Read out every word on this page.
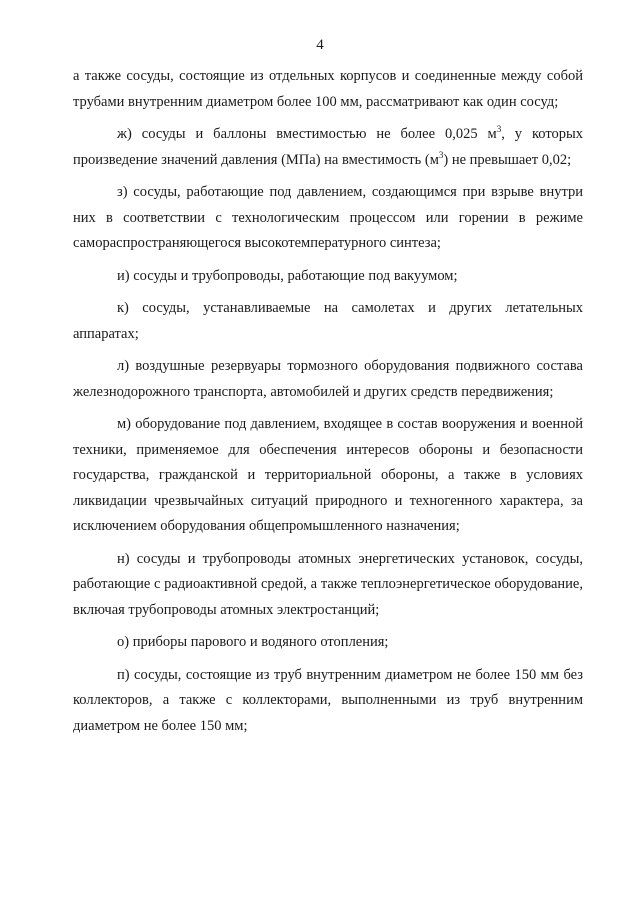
4

а также сосуды, состоящие из отдельных корпусов и соединенные между собой трубами внутренним диаметром более 100 мм, рассматривают как один сосуд;

ж) сосуды и баллоны вместимостью не более 0,025 $м^3$, у которых произведение значений давления (МПа) на вместимость $(м^3)$ не превышает 0,02;

з) сосуды, работающие под давлением, создающимся при взрыве внутри них в соответствии с технологическим процессом или горении в режиме самораспространяющегося высокотемпературного синтеза;

и) сосуды и трубопроводы, работающие под вакуумом;

к) сосуды, устанавливаемые на самолетах и других летательных аппаратах;

л) воздушные резервуары тормозного оборудования подвижного состава железнодорожного транспорта, автомобилей и других средств передвижения;

м) оборудование под давлением, входящее в состав вооружения и военной техники, применяемое для обеспечения интересов обороны и безопасности государства, гражданской и территориальной обороны, а также в условиях ликвидации чрезвычайных ситуаций природного и техногенного характера, за исключением оборудования общепромышленного назначения;

н) сосуды и трубопроводы атомных энергетических установок, сосуды, работающие с радиоактивной средой, а также теплоэнергетическое оборудование, включая трубопроводы атомных электростанций;

о) приборы парового и водяного отопления;

п) сосуды, состоящие из труб внутренним диаметром не более 150 мм без коллекторов, а также с коллекторами, выполненными из труб внутренним диаметром не более 150 мм;
